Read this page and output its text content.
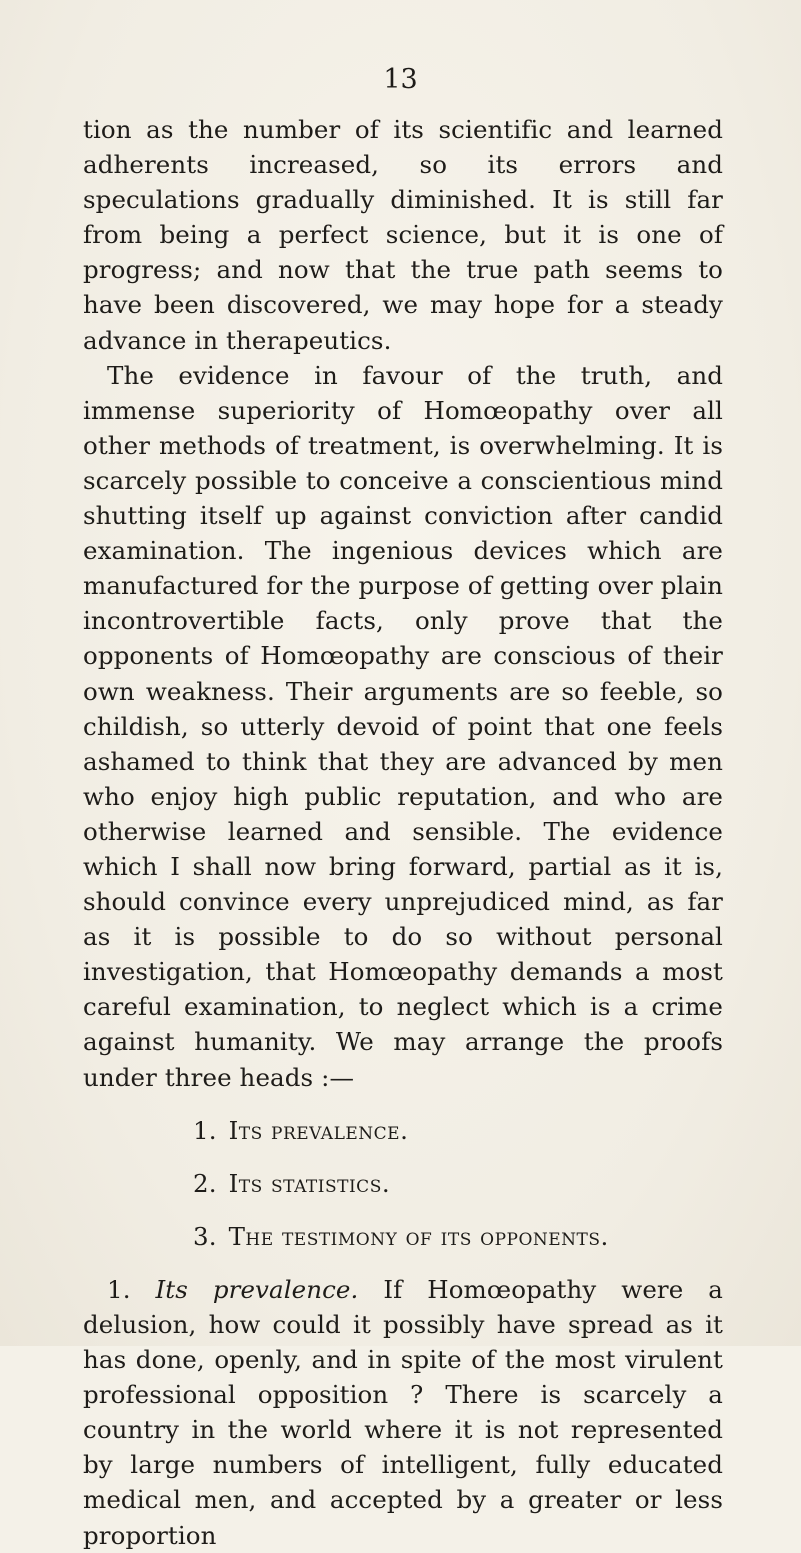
13

tion as the number of its scientific and learned adherents increased, so its errors and speculations gradually diminished. It is still far from being a perfect science, but it is one of progress; and now that the true path seems to have been discovered, we may hope for a steady advance in therapeutics.

The evidence in favour of the truth, and immense superiority of Homœopathy over all other methods of treatment, is overwhelming. It is scarcely possible to conceive a conscientious mind shutting itself up against conviction after candid examination. The ingenious devices which are manufactured for the purpose of getting over plain incontrovertible facts, only prove that the opponents of Homœopathy are conscious of their own weakness. Their arguments are so feeble, so childish, so utterly devoid of point that one feels ashamed to think that they are advanced by men who enjoy high public reputation, and who are otherwise learned and sensible. The evidence which I shall now bring forward, partial as it is, should convince every unprejudiced mind, as far as it is possible to do so without personal investigation, that Homœopathy demands a most careful examination, to neglect which is a crime against humanity. We may arrange the proofs under three heads :—

1. Its prevalence.
2. Its statistics.
3. The testimony of its opponents.

1. Its prevalence. If Homœopathy were a delusion, how could it possibly have spread as it has done, openly, and in spite of the most virulent professional opposition ? There is scarcely a country in the world where it is not represented by large numbers of intelligent, fully educated medical men, and accepted by a greater or less proportion
